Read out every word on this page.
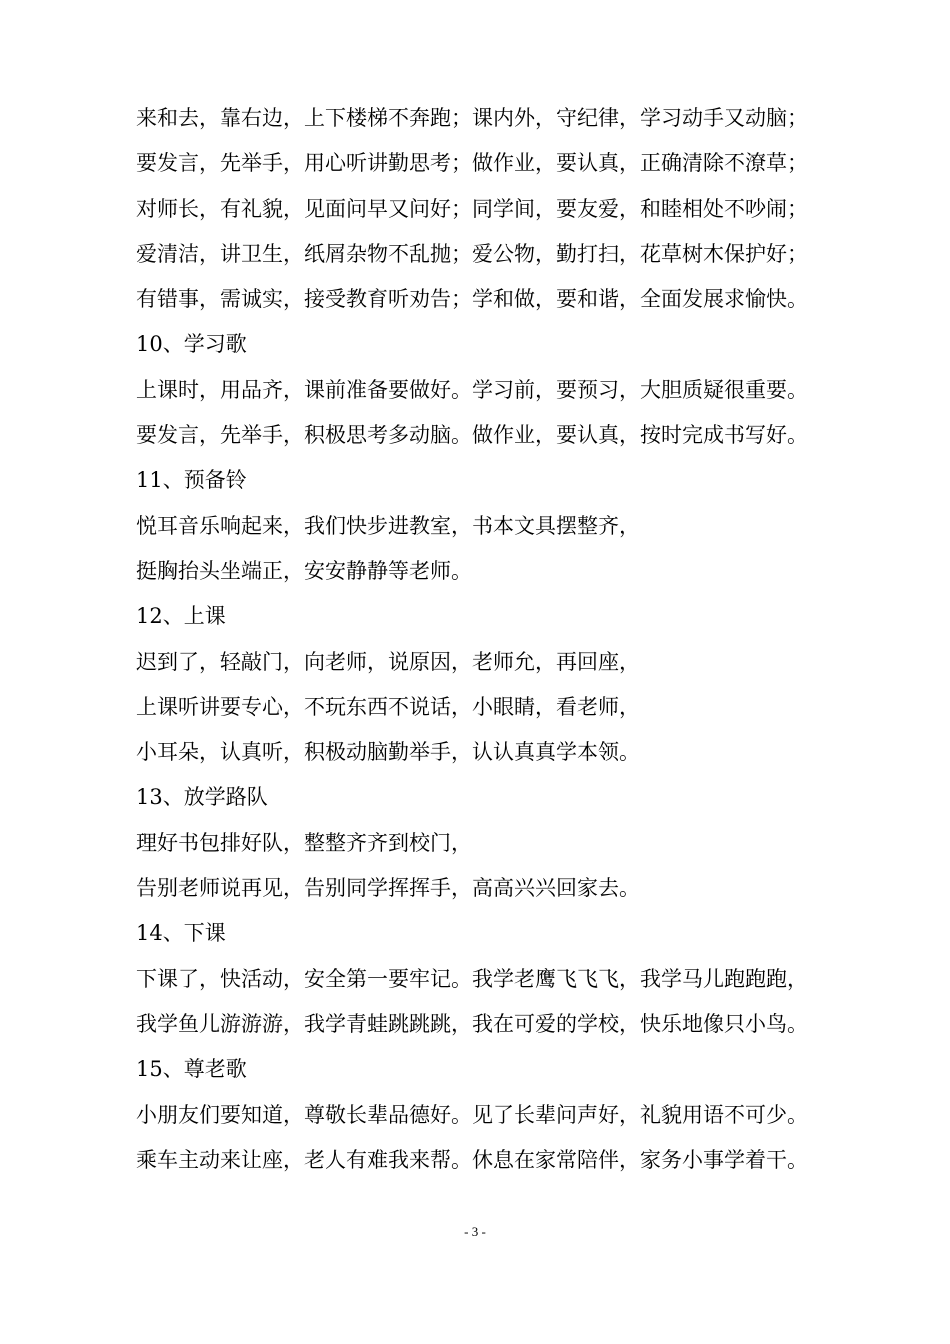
来和去，靠右边，上下楼梯不奔跑；课内外，守纪律，学习动手又动脑；
要发言，先举手，用心听讲勤思考；做作业，要认真，正确清除不潦草；
对师长，有礼貌，见面问早又问好；同学间，要友爱，和睦相处不吵闹；
爱清洁，讲卫生，纸屑杂物不乱抛；爱公物，勤打扫，花草树木保护好；
有错事，需诚实，接受教育听劝告；学和做，要和谐，全面发展求愉快。
10、学习歌
上课时，用品齐，课前准备要做好。学习前，要预习，大胆质疑很重要。
要发言，先举手，积极思考多动脑。做作业，要认真，按时完成书写好。
11、预备铃
悦耳音乐响起来，我们快步进教室，书本文具摆整齐，
挺胸抬头坐端正，安安静静等老师。
12、上课
迟到了，轻敲门，向老师，说原因，老师允，再回座，
上课听讲要专心，不玩东西不说话，小眼睛，看老师，
小耳朵，认真听，积极动脑勤举手，认认真真学本领。
13、放学路队
理好书包排好队，整整齐齐到校门，
告别老师说再见，告别同学挥挥手，高高兴兴回家去。
14、下课
下课了，快活动，安全第一要牢记。我学老鹰飞飞飞，我学马儿跑跑跑，
我学鱼儿游游游，我学青蛙跳跳跳，我在可爱的学校，快乐地像只小鸟。
15、尊老歌
小朋友们要知道，尊敬长辈品德好。见了长辈问声好，礼貌用语不可少。
乘车主动来让座，老人有难我来帮。休息在家常陪伴，家务小事学着干。
- 3 -
